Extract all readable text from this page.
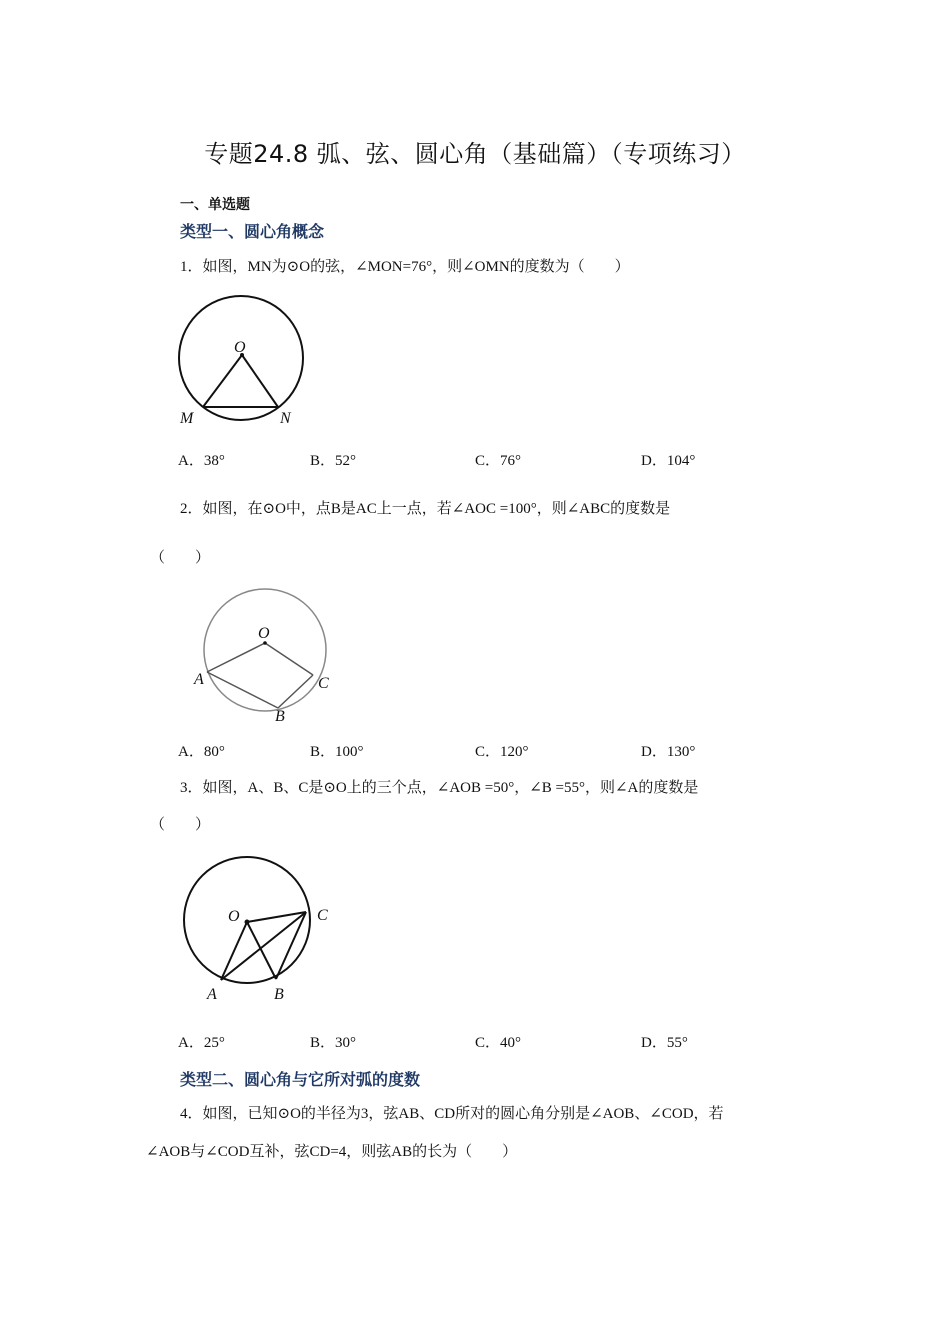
专题24.8 弧、弦、圆心角（基础篇）（专项练习）
一、单选题
类型一、圆心角概念
1．如图，MN为⊙O的弦，∠MON=76°，则∠OMN的度数为（　　）
O
M	N
A．38°	B．52°	C．76°	D．104°
2．如图，在⊙O中，点B是AC上一点，若∠AOC =100°，则∠ABC的度数是
（　　）
O
A
B
C
A．80°	B．100°	C．120°	D．130°
3．如图，A、B、C是⊙O上的三个点，∠AOB =50°，∠B =55°，则∠A的度数是
（　　）
O	C
A	B
A．25°	B．30°	C．40°	D．55°
类型二、圆心角与它所对弧的度数
4．如图，已知⊙O的半径为3，弦AB、CD所对的圆心角分别是∠AOB、∠COD，若
∠AOB与∠COD互补，弦CD=4，则弦AB的长为（　　）
